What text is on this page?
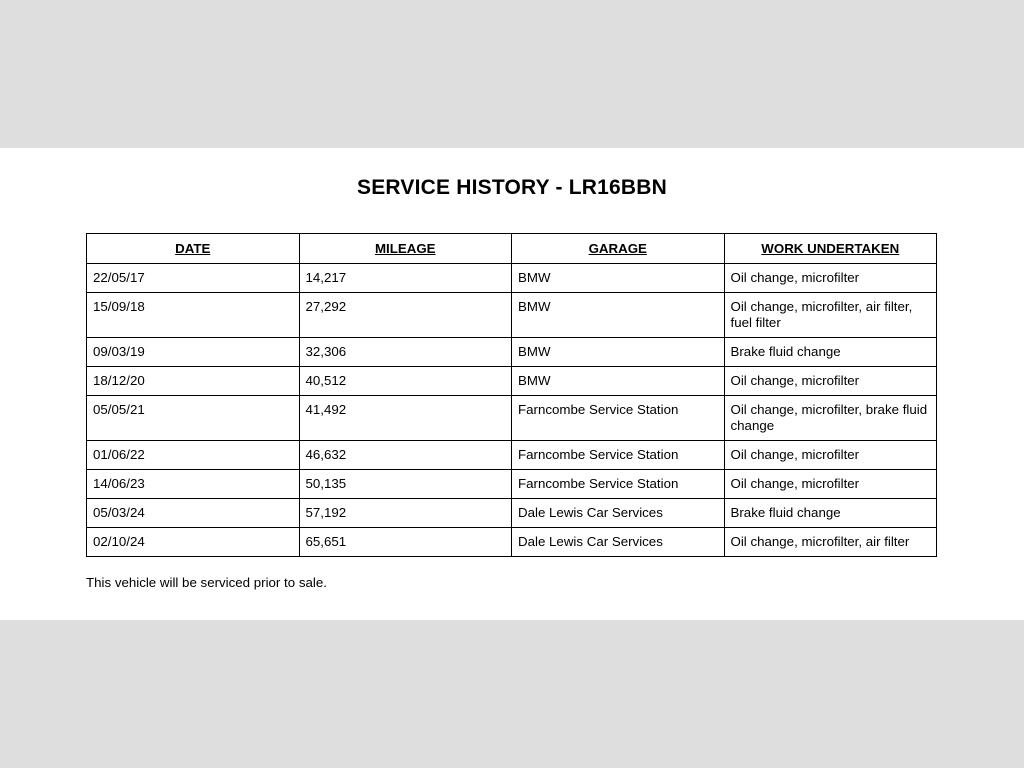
SERVICE HISTORY - LR16BBN
DATE	MILEAGE	GARAGE	WORK UNDERTAKEN
22/05/17	14,217	BMW	Oil change, microfilter
15/09/18	27,292	BMW	Oil change, microfilter, air filter, fuel filter
09/03/19	32,306	BMW	Brake fluid change
18/12/20	40,512	BMW	Oil change, microfilter
05/05/21	41,492	Farncombe Service Station	Oil change, microfilter, brake fluid change
01/06/22	46,632	Farncombe Service Station	Oil change, microfilter
14/06/23	50,135	Farncombe Service Station	Oil change, microfilter
05/03/24	57,192	Dale Lewis Car Services	Brake fluid change
02/10/24	65,651	Dale Lewis Car Services	Oil change, microfilter, air filter

This vehicle will be serviced prior to sale.
